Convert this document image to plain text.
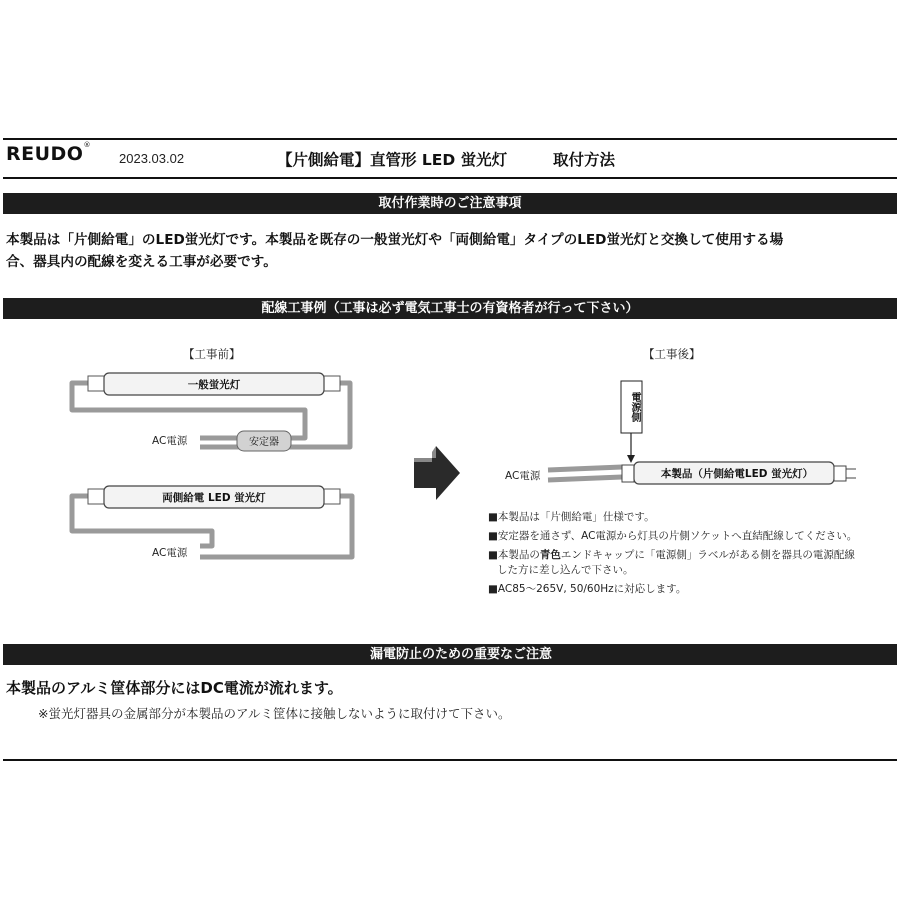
REUDO®
2023.03.02	【片側給電】直管形 LED 蛍光灯	取付方法
取付作業時のご注意事項
本製品は「片側給電」のLED蛍光灯です。本製品を既存の一般蛍光灯や「両側給電」タイプのLED蛍光灯と交換して使用する場
合、器具内の配線を変える工事が必要です。
配線工事例（工事は必ず電気工事士の有資格者が行って下さい）
【工事前】
一般蛍光灯
AC電源	安定器
両側給電 LED 蛍光灯
AC電源
【工事後】
電源側
AC電源	本製品（片側給電LED 蛍光灯）
■本製品は「片側給電」仕様です。
■安定器を通さず、AC電源から灯具の片側ソケットへ直結配線してください。
■本製品の青色エンドキャップに「電源側」ラベルがある側を器具の電源配線
した方に差し込んで下さい。
■AC85～265V, 50/60Hzに対応します。
漏電防止のための重要なご注意
本製品のアルミ筐体部分にはDC電流が流れます。
※蛍光灯器具の金属部分が本製品のアルミ筐体に接触しないように取付けて下さい。
